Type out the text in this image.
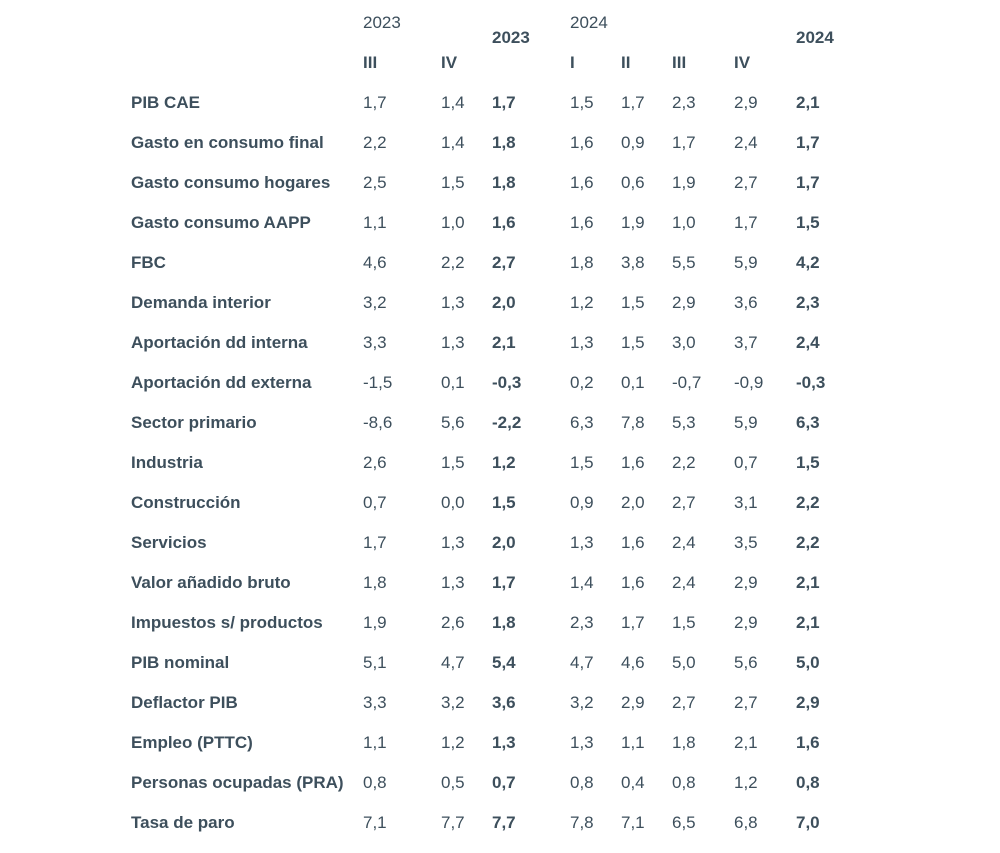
	2023		2023	2024				2024

	III	IV		I	II	III	IV	
PIB CAE	1,7	1,4	1,7	1,5	1,7	2,3	2,9	2,1
Gasto en consumo final	2,2	1,4	1,8	1,6	0,9	1,7	2,4	1,7
Gasto consumo hogares	2,5	1,5	1,8	1,6	0,6	1,9	2,7	1,7
Gasto consumo AAPP	1,1	1,0	1,6	1,6	1,9	1,0	1,7	1,5
FBC	4,6	2,2	2,7	1,8	3,8	5,5	5,9	4,2
Demanda interior	3,2	1,3	2,0	1,2	1,5	2,9	3,6	2,3
Aportación dd interna	3,3	1,3	2,1	1,3	1,5	3,0	3,7	2,4
Aportación dd externa	-1,5	0,1	-0,3	0,2	0,1	-0,7	-0,9	-0,3
Sector primario	-8,6	5,6	-2,2	6,3	7,8	5,3	5,9	6,3
Industria	2,6	1,5	1,2	1,5	1,6	2,2	0,7	1,5
Construcción	0,7	0,0	1,5	0,9	2,0	2,7	3,1	2,2
Servicios	1,7	1,3	2,0	1,3	1,6	2,4	3,5	2,2
Valor añadido bruto	1,8	1,3	1,7	1,4	1,6	2,4	2,9	2,1
Impuestos s/ productos	1,9	2,6	1,8	2,3	1,7	1,5	2,9	2,1
PIB nominal	5,1	4,7	5,4	4,7	4,6	5,0	5,6	5,0
Deflactor PIB	3,3	3,2	3,6	3,2	2,9	2,7	2,7	2,9
Empleo (PTTC)	1,1	1,2	1,3	1,3	1,1	1,8	2,1	1,6
Personas ocupadas (PRA)	0,8	0,5	0,7	0,8	0,4	0,8	1,2	0,8
Tasa de paro	7,1	7,7	7,7	7,8	7,1	6,5	6,8	7,0
